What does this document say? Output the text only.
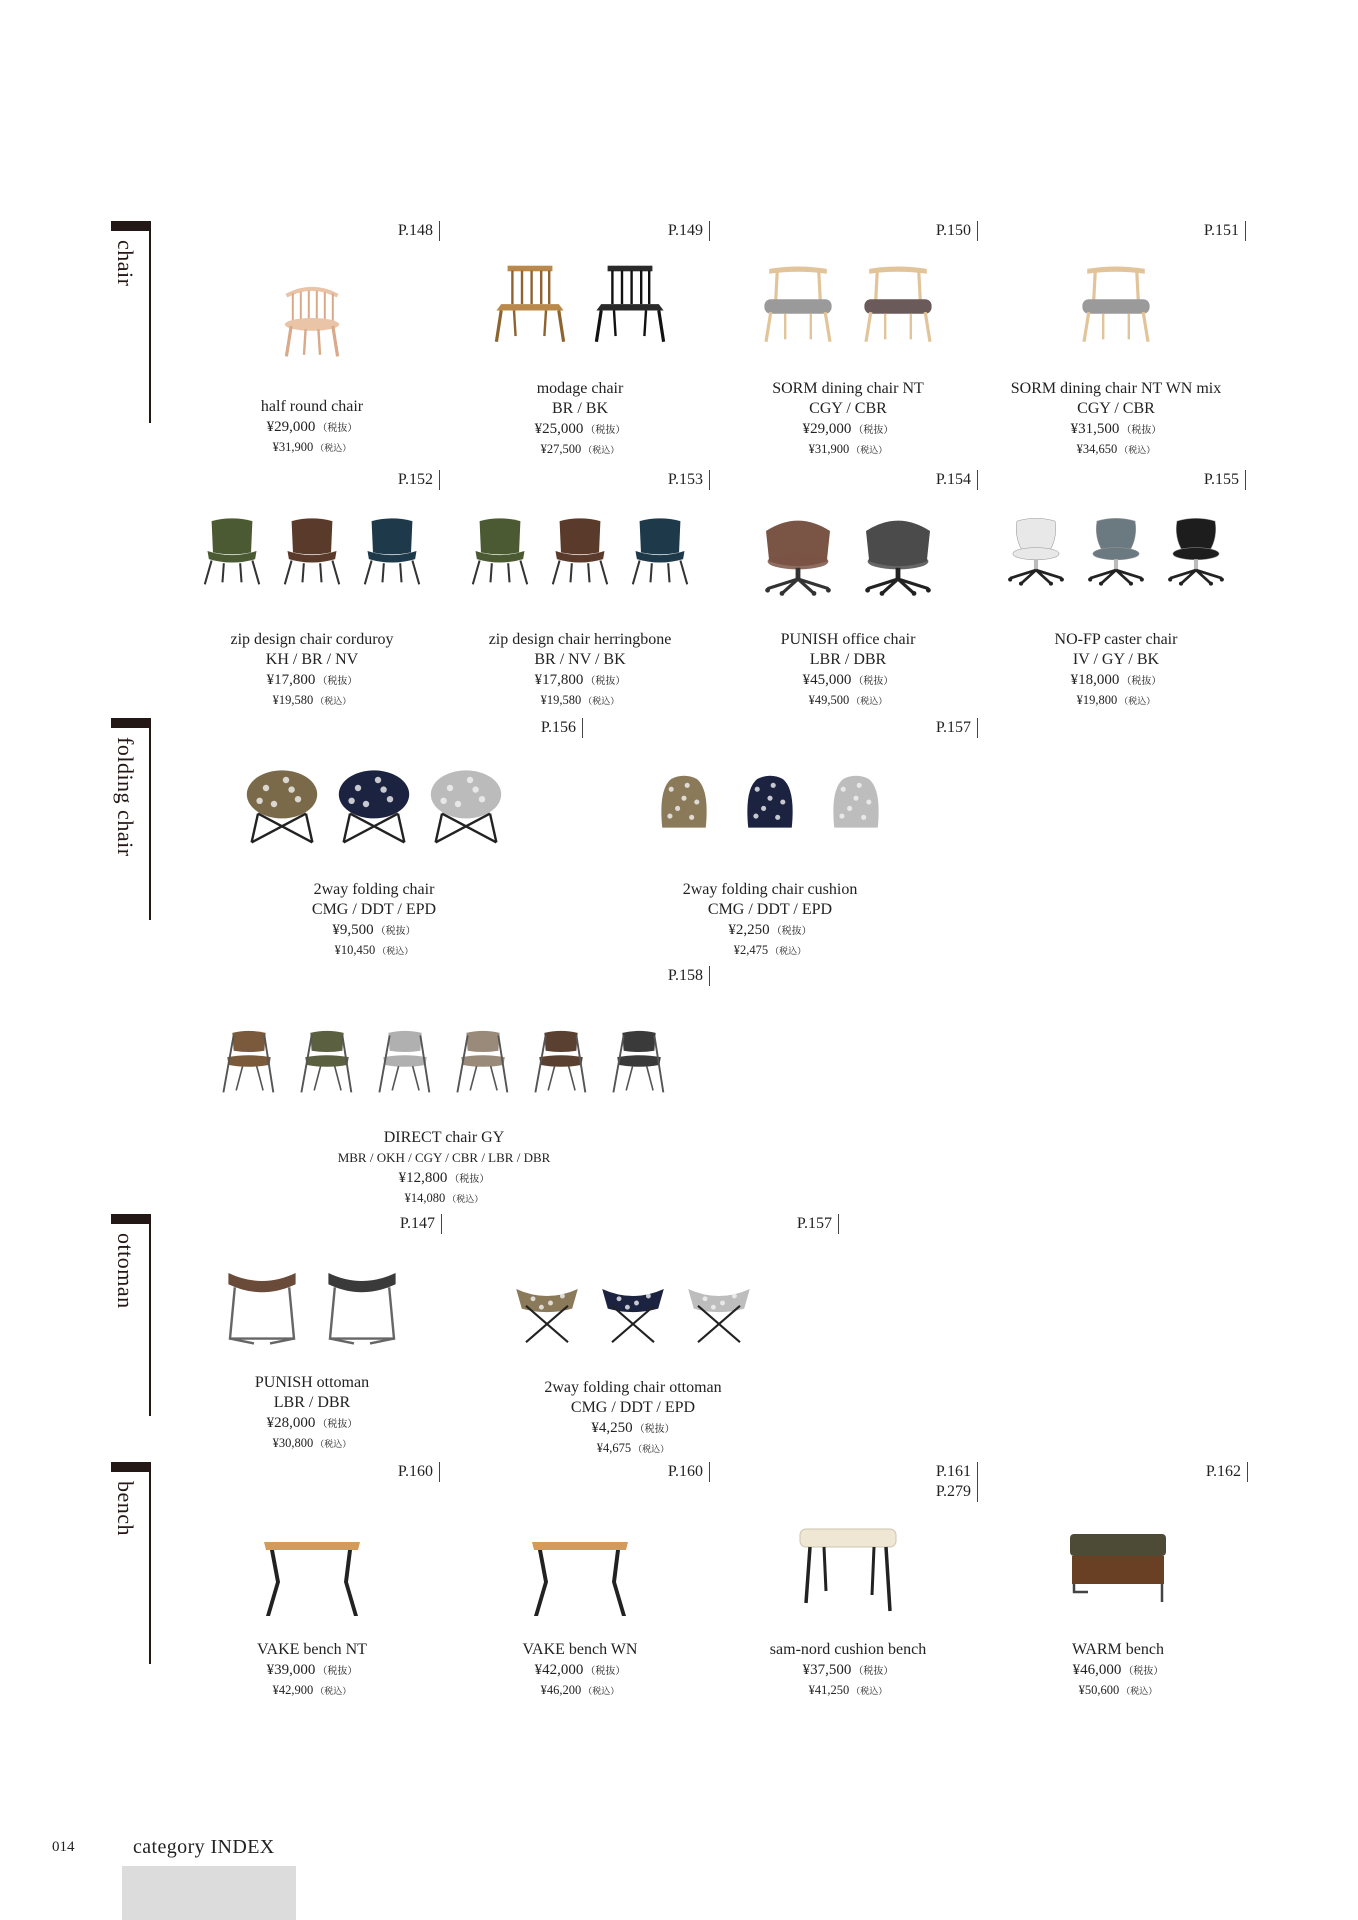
chair
folding chair
ottoman
bench
P.148
half round chair
¥29,000 （税抜）
¥31,900 （税込）
P.149
modage chair
BR / BK
¥25,000 （税抜）
¥27,500 （税込）
P.150
SORM dining chair NT
CGY / CBR
¥29,000 （税抜）
¥31,900 （税込）
P.151
SORM dining chair NT WN mix
CGY / CBR
¥31,500 （税抜）
¥34,650 （税込）
P.152
zip design chair corduroy
KH / BR / NV
¥17,800 （税抜）
¥19,580 （税込）
P.153
zip design chair herringbone
BR / NV / BK
¥17,800 （税抜）
¥19,580 （税込）
P.154
PUNISH office chair
LBR / DBR
¥45,000 （税抜）
¥49,500 （税込）
P.155
NO-FP caster chair
IV / GY / BK
¥18,000 （税抜）
¥19,800 （税込）
P.156
2way folding chair
CMG / DDT / EPD
¥9,500 （税抜）
¥10,450 （税込）
P.157
2way folding chair cushion
CMG / DDT / EPD
¥2,250 （税抜）
¥2,475 （税込）
P.158
DIRECT chair GY
MBR / OKH / CGY / CBR / LBR / DBR
¥12,800 （税抜）
¥14,080 （税込）
P.147
PUNISH ottoman
LBR / DBR
¥28,000 （税抜）
¥30,800 （税込）
P.157
2way folding chair ottoman
CMG / DDT / EPD
¥4,250 （税抜）
¥4,675 （税込）
P.160
VAKE bench NT
¥39,000 （税抜）
¥42,900 （税込）
P.160
VAKE bench WN
¥42,000 （税抜）
¥46,200 （税込）
P.161
P.279
sam-nord cushion bench
¥37,500 （税抜）
¥41,250 （税込）
P.162
WARM bench
¥46,000 （税抜）
¥50,600 （税込）
014	category INDEX
